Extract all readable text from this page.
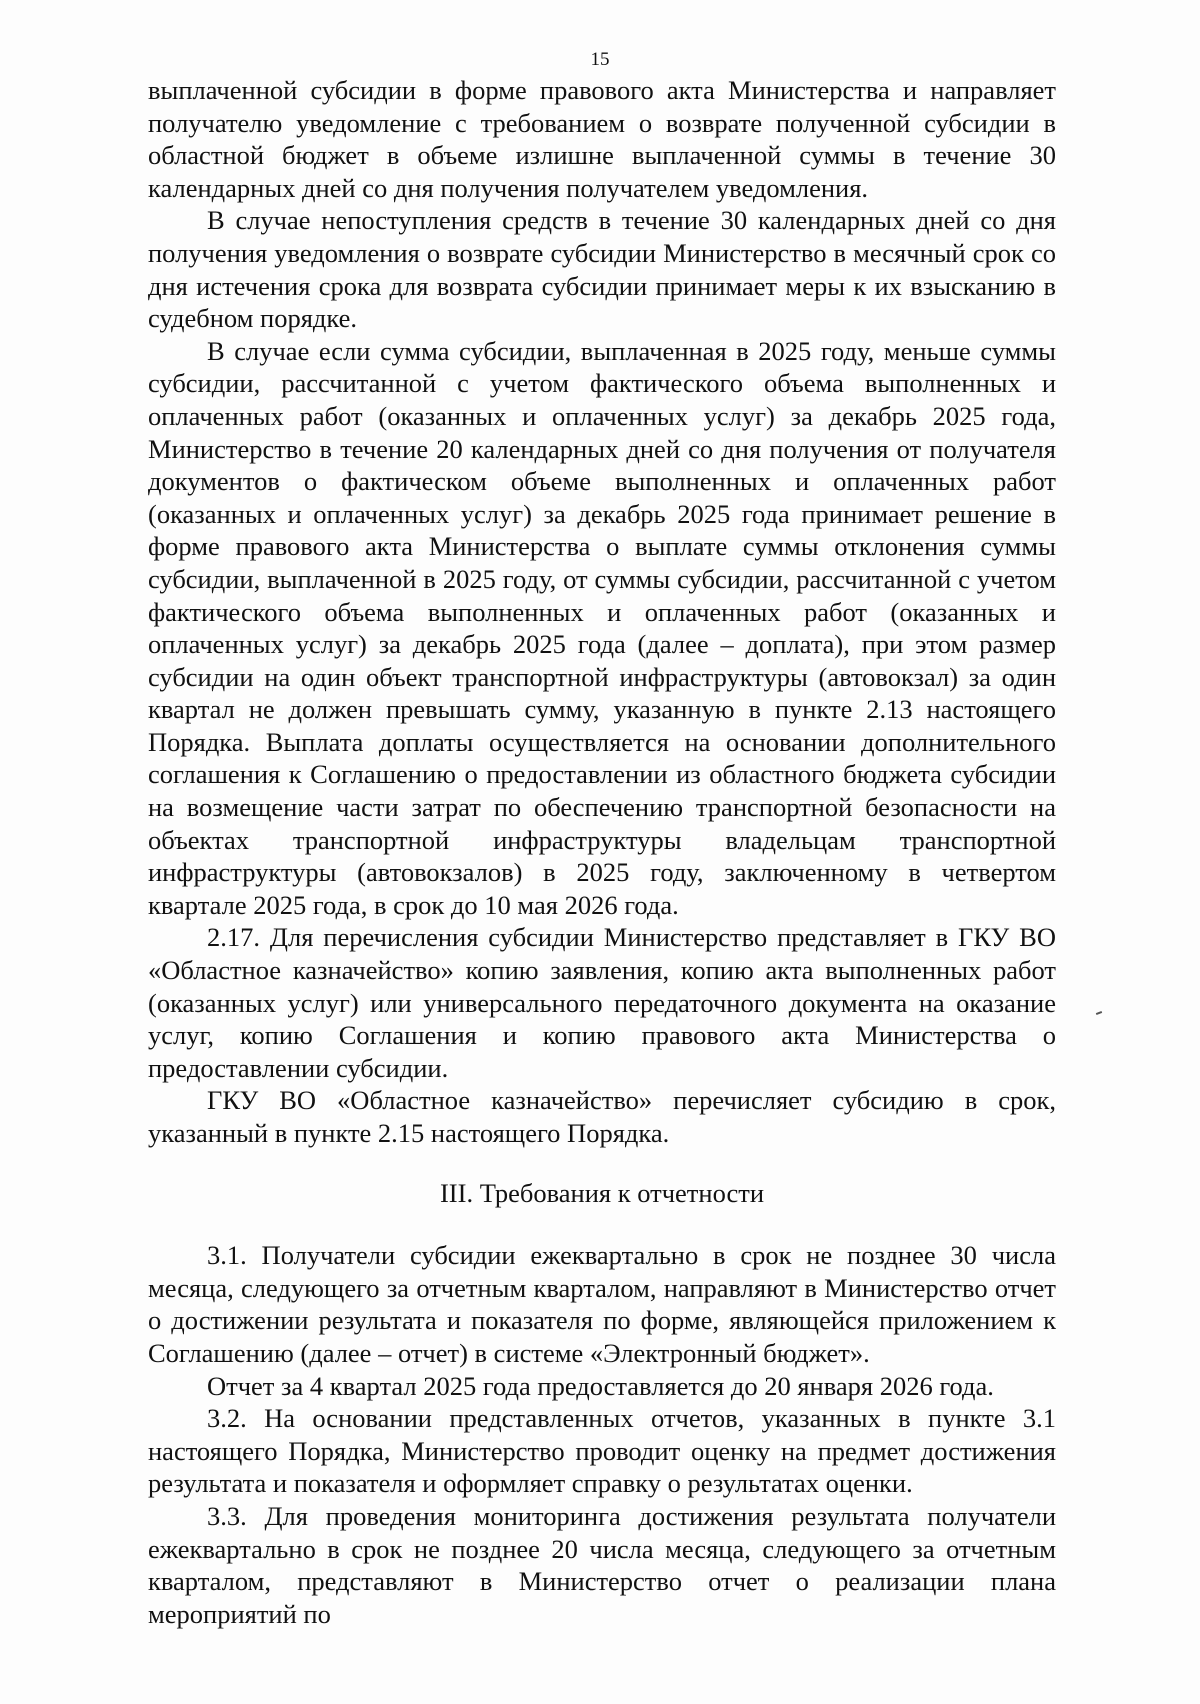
15

выплаченной субсидии в форме правового акта Министерства и направляет получателю уведомление с требованием о возврате полученной субсидии в областной бюджет в объеме излишне выплаченной суммы в течение 30 календарных дней со дня получения получателем уведомления.

В случае непоступления средств в течение 30 календарных дней со дня получения уведомления о возврате субсидии Министерство в месячный срок со дня истечения срока для возврата субсидии принимает меры к их взысканию в судебном порядке.

В случае если сумма субсидии, выплаченная в 2025 году, меньше суммы субсидии, рассчитанной с учетом фактического объема выполненных и оплаченных работ (оказанных и оплаченных услуг) за декабрь 2025 года, Министерство в течение 20 календарных дней со дня получения от получателя документов о фактическом объеме выполненных и оплаченных работ (оказанных и оплаченных услуг) за декабрь 2025 года принимает решение в форме правового акта Министерства о выплате суммы отклонения суммы субсидии, выплаченной в 2025 году, от суммы субсидии, рассчитанной с учетом фактического объема выполненных и оплаченных работ (оказанных и оплаченных услуг) за декабрь 2025 года (далее – доплата), при этом размер субсидии на один объект транспортной инфраструктуры (автовокзал) за один квартал не должен превышать сумму, указанную в пункте 2.13 настоящего Порядка. Выплата доплаты осуществляется на основании дополнительного соглашения к Соглашению о предоставлении из областного бюджета субсидии на возмещение части затрат по обеспечению транспортной безопасности на объектах транспортной инфраструктуры владельцам транспортной инфраструктуры (автовокзалов) в 2025 году, заключенному в четвертом квартале 2025 года, в срок до 10 мая 2026 года.

2.17. Для перечисления субсидии Министерство представляет в ГКУ ВО «Областное казначейство» копию заявления, копию акта выполненных работ (оказанных услуг) или универсального передаточного документа на оказание услуг, копию Соглашения и копию правового акта Министерства о предоставлении субсидии.

ГКУ ВО «Областное казначейство» перечисляет субсидию в срок, указанный в пункте 2.15 настоящего Порядка.

III. Требования к отчетности

3.1. Получатели субсидии ежеквартально в срок не позднее 30 числа месяца, следующего за отчетным кварталом, направляют в Министерство отчет о достижении результата и показателя по форме, являющейся приложением к Соглашению (далее – отчет) в системе «Электронный бюджет».

Отчет за 4 квартал 2025 года предоставляется до 20 января 2026 года.

3.2. На основании представленных отчетов, указанных в пункте 3.1 настоящего Порядка, Министерство проводит оценку на предмет достижения результата и показателя и оформляет справку о результатах оценки.

3.3. Для проведения мониторинга достижения результата получатели ежеквартально в срок не позднее 20 числа месяца, следующего за отчетным кварталом, представляют в Министерство отчет о реализации плана мероприятий по
